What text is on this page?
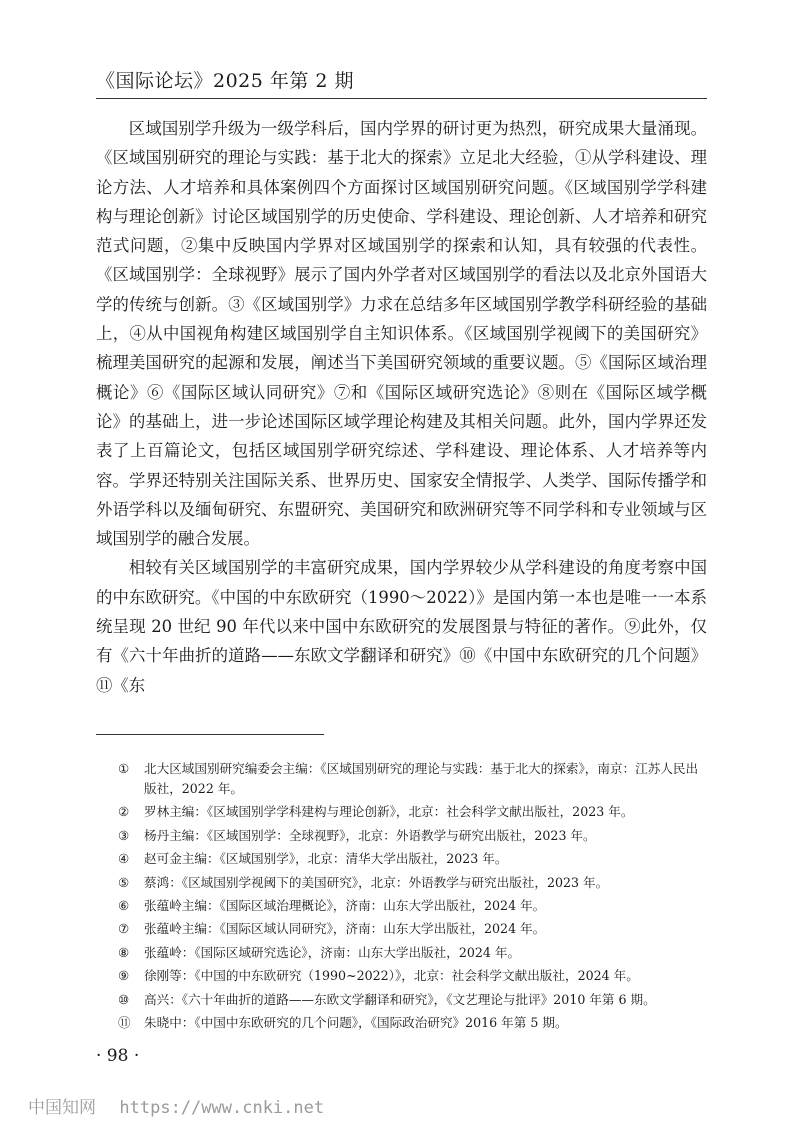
《国际论坛》2025 年第 2 期

区域国别学升级为一级学科后，国内学界的研讨更为热烈，研究成果大量涌现。《区域国别研究的理论与实践：基于北大的探索》立足北大经验，①从学科建设、理论方法、人才培养和具体案例四个方面探讨区域国别研究问题。《区域国别学学科建构与理论创新》讨论区域国别学的历史使命、学科建设、理论创新、人才培养和研究范式问题，②集中反映国内学界对区域国别学的探索和认知，具有较强的代表性。《区域国别学：全球视野》展示了国内外学者对区域国别学的看法以及北京外国语大学的传统与创新。③《区域国别学》力求在总结多年区域国别学教学科研经验的基础上，④从中国视角构建区域国别学自主知识体系。《区域国别学视阈下的美国研究》梳理美国研究的起源和发展，阐述当下美国研究领域的重要议题。⑤《国际区域治理概论》⑥《国际区域认同研究》⑦和《国际区域研究选论》⑧则在《国际区域学概论》的基础上，进一步论述国际区域学理论构建及其相关问题。此外，国内学界还发表了上百篇论文，包括区域国别学研究综述、学科建设、理论体系、人才培养等内容。学界还特别关注国际关系、世界历史、国家安全情报学、人类学、国际传播学和外语学科以及缅甸研究、东盟研究、美国研究和欧洲研究等不同学科和专业领域与区域国别学的融合发展。

相较有关区域国别学的丰富研究成果，国内学界较少从学科建设的角度考察中国的中东欧研究。《中国的中东欧研究（1990～2022）》是国内第一本也是唯一一本系统呈现 20 世纪 90 年代以来中国中东欧研究的发展图景与特征的著作。⑨此外，仅有《六十年曲折的道路——东欧文学翻译和研究》⑩《中国中东欧研究的几个问题》⑪《东

① 北大区域国别研究编委会主编：《区域国别研究的理论与实践：基于北大的探索》，南京：江苏人民出版社，2022 年。
② 罗林主编：《区域国别学学科建构与理论创新》，北京：社会科学文献出版社，2023 年。
③ 杨丹主编：《区域国别学：全球视野》，北京：外语教学与研究出版社，2023 年。
④ 赵可金主编：《区域国别学》，北京：清华大学出版社，2023 年。
⑤ 蔡鸿：《区域国别学视阈下的美国研究》，北京：外语教学与研究出版社，2023 年。
⑥ 张蕴岭主编：《国际区域治理概论》，济南：山东大学出版社，2024 年。
⑦ 张蕴岭主编：《国际区域认同研究》，济南：山东大学出版社，2024 年。
⑧ 张蕴岭：《国际区域研究选论》，济南：山东大学出版社，2024 年。
⑨ 徐刚等：《中国的中东欧研究（1990~2022）》，北京：社会科学文献出版社，2024 年。
⑩ 高兴：《六十年曲折的道路——东欧文学翻译和研究》，《文艺理论与批评》2010 年第 6 期。
⑪ 朱晓中：《中国中东欧研究的几个问题》，《国际政治研究》2016 年第 5 期。
· 98 ·
中国知网 https://www.cnki.net
